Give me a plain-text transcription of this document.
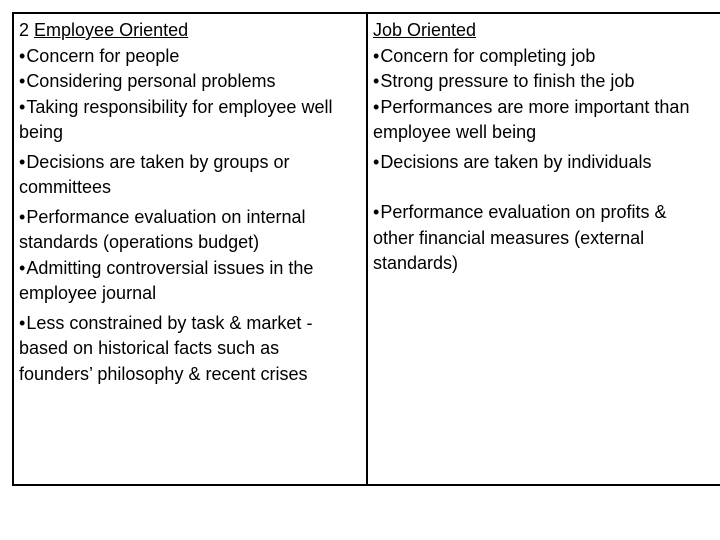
2 Employee Oriented
•Concern for people
•Considering personal problems
•Taking responsibility for employee well being
•Decisions are taken by groups or committees
•Performance evaluation on internal standards (operations budget)
•Admitting controversial issues in the employee journal
•Less constrained by task & market - based on historical facts such as founders’ philosophy & recent crises
Job Oriented
•Concern for completing job
•Strong pressure to finish the job
•Performances are more important than employee well being
•Decisions are taken by individuals
•Performance evaluation on profits & other financial measures (external standards)
